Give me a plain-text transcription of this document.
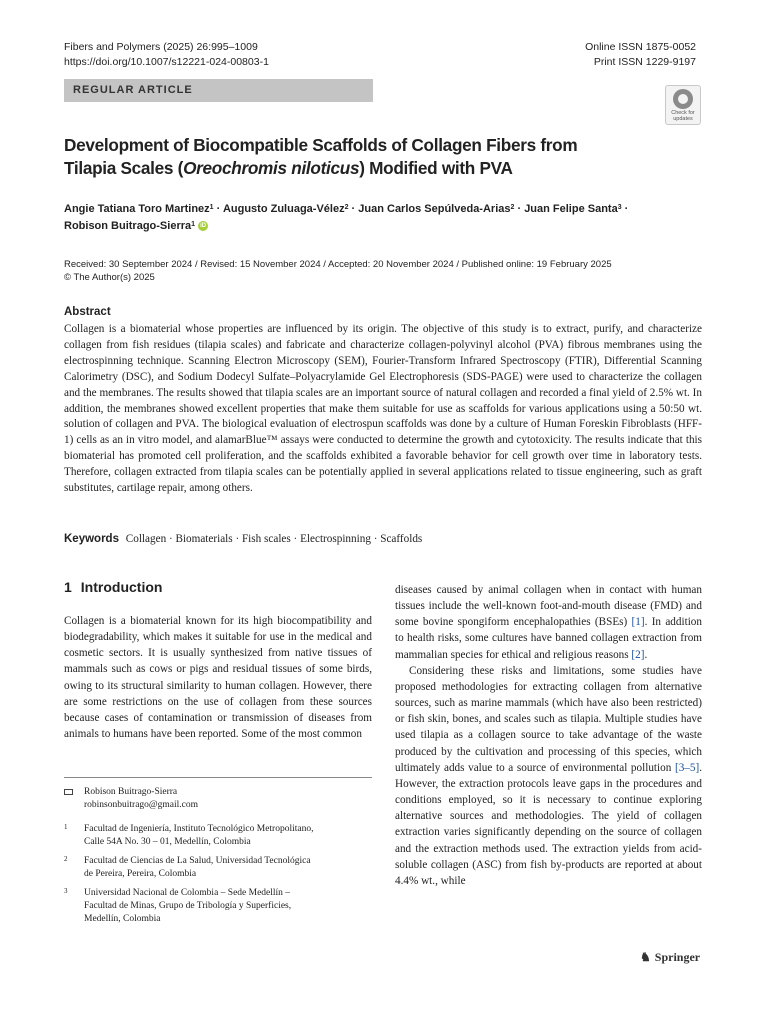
Fibers and Polymers (2025) 26:995–1009
https://doi.org/10.1007/s12221-024-00803-1
Online ISSN 1875-0052
Print ISSN 1229-9197
REGULAR ARTICLE
Check for
updates
Development of Biocompatible Scaffolds of Collagen Fibers from Tilapia Scales (Oreochromis niloticus) Modified with PVA
Angie Tatiana Toro Martinez$^1$ · Augusto Zuluaga-Vélez$^2$ · Juan Carlos Sepúlveda-Arias$^2$ · Juan Felipe Santa$^3$ ·
Robison Buitrago-Sierra$^1$ iD
Received: 30 September 2024 / Revised: 15 November 2024 / Accepted: 20 November 2024 / Published online: 19 February 2025
© The Author(s) 2025
Abstract

Collagen is a biomaterial whose properties are influenced by its origin. The objective of this study is to extract, purify, and characterize collagen from fish residues (tilapia scales) and fabricate and characterize collagen-polyvinyl alcohol (PVA) fibrous membranes using the electrospinning technique. Scanning Electron Microscopy (SEM), Fourier-Transform Infrared Spectroscopy (FTIR), Differential Scanning Calorimetry (DSC), and Sodium Dodecyl Sulfate–Polyacrylamide Gel Electrophoresis (SDS-PAGE) were used to characterize the collagen and the membranes. The results showed that tilapia scales are an important source of natural collagen and recorded a final yield of 2.5% wt. In addition, the membranes showed excellent properties that make them suitable for use as scaffolds for various applications using a 50:50 wt. solution of collagen and PVA. The biological evaluation of electrospun scaffolds was done by a culture of Human Foreskin Fibroblasts (HFF-1) cells as an in vitro model, and alamarBlue™ assays were conducted to determine the growth and cytotoxicity. The results indicate that this biomaterial has promoted cell proliferation, and the scaffolds exhibited a favorable behavior for cell growth over time in laboratory tests. Therefore, collagen extracted from tilapia scales can be potentially applied in several applications related to tissue engineering, such as graft substitutes, cartilage repair, among others.

Keywords Collagen · Biomaterials · Fish scales · Electrospinning · Scaffolds
1 Introduction

Collagen is a biomaterial known for its high biocompatibility and biodegradability, which makes it suitable for use in the medical and cosmetic sectors. It is usually synthesized from native tissues of mammals such as cows or pigs and residual tissues of some birds, owing to its structural similarity to human collagen. However, there are some restrictions on the use of collagen from these sources because cases of contamination or transmission of diseases from animals to humans have been reported. Some of the most common

diseases caused by animal collagen when in contact with human tissues include the well-known foot-and-mouth disease (FMD) and some bovine spongiform encephalopathies (BSEs) [1]. In addition to health risks, some cultures have banned collagen extraction from mammalian species for ethical and religious reasons [2].
Considering these risks and limitations, some studies have proposed methodologies for extracting collagen from alternative sources, such as marine mammals (which have also been restricted) or fish skin, bones, and scales such as tilapia. Multiple studies have used tilapia as a collagen source to take advantage of the waste produced by the cultivation and processing of this species, which ultimately adds value to a source of environmental pollution [3–5]. However, the extraction protocols leave gaps in the procedures and conditions employed, so it is necessary to continue exploring alternative sources and methodologies. The yield of collagen extraction varies significantly depending on the source of collagen and the extraction methods used. The extraction yields from acid-soluble collagen (ASC) from fish by-products are reported at about 4.4% wt., while
Robison Buitrago-Sierra
robinsonbuitrago@gmail.com
1 Facultad de Ingeniería, Instituto Tecnológico Metropolitano,
Calle 54A No. 30 – 01, Medellín, Colombia
2 Facultad de Ciencias de La Salud, Universidad Tecnológica
de Pereira, Pereira, Colombia
3 Universidad Nacional de Colombia – Sede Medellín –
Facultad de Minas, Grupo de Tribología y Superficies,
Medellín, Colombia
♞ Springer
